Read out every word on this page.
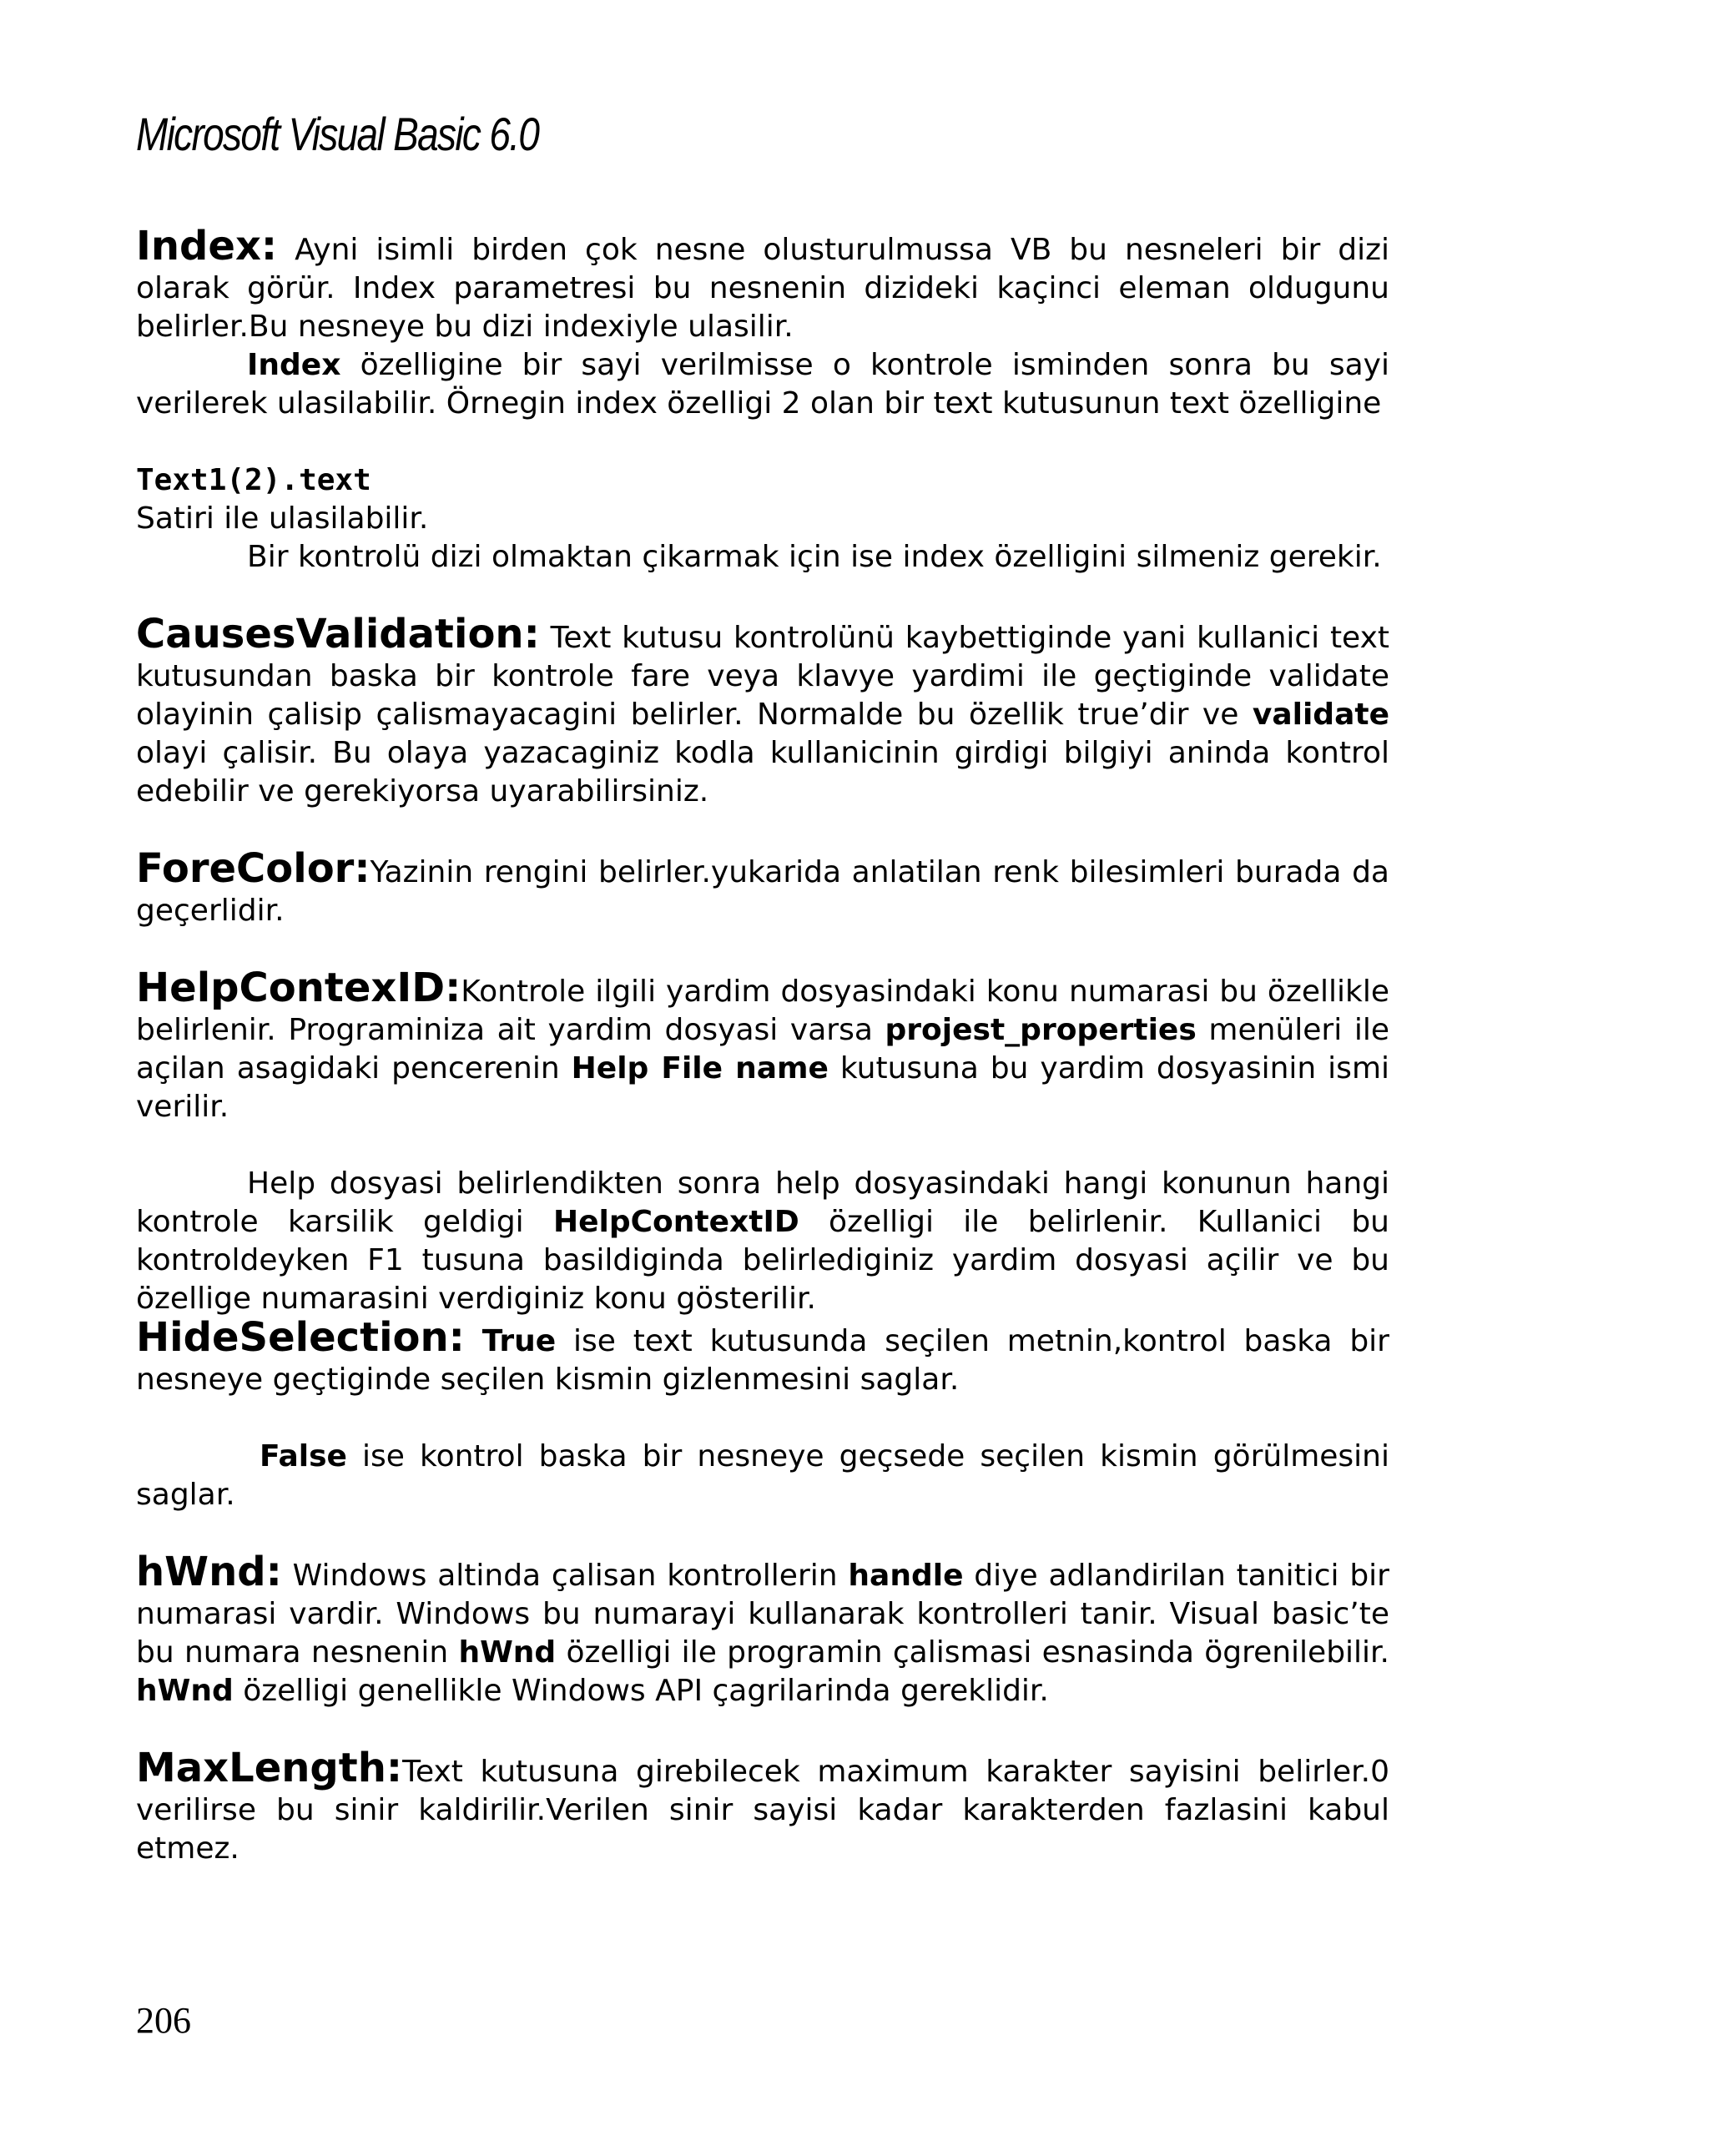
Microsoft Visual Basic 6.0

Index: Ayni isimli birden çok nesne olusturulmussa VB bu nesneleri bir dizi olarak görür. Index parametresi bu nesnenin dizideki kaçinci eleman oldugunu belirler.Bu nesneye bu dizi indexiyle ulasilir.

Index özelligine bir sayi verilmisse o kontrole isminden sonra bu sayi verilerek ulasilabilir. Örnegin index özelligi 2 olan bir text kutusunun text özelligine

Text1(2).text

Satiri ile ulasilabilir.

Bir kontrolü dizi olmaktan çikarmak için ise index özelligini silmeniz gerekir.

CausesValidation: Text kutusu kontrolünü kaybettiginde yani kullanici text kutusundan baska bir kontrole fare veya klavye yardimi ile geçtiginde validate olayinin çalisip çalismayacagini belirler. Normalde bu özellik true’dir ve validate olayi çalisir. Bu olaya yazacaginiz kodla kullanicinin girdigi bilgiyi aninda kontrol edebilir ve gerekiyorsa uyarabilirsiniz.

ForeColor:Yazinin rengini belirler.yukarida anlatilan renk bilesimleri burada da geçerlidir.

HelpContexID:Kontrole ilgili yardim dosyasindaki konu numarasi bu özellikle belirlenir. Programiniza ait yardim dosyasi varsa projest_properties menüleri ile açilan asagidaki pencerenin Help File name kutusuna bu yardim dosyasinin ismi verilir.

Help dosyasi belirlendikten sonra help dosyasindaki hangi konunun hangi kontrole karsilik geldigi HelpContextID özelligi ile belirlenir. Kullanici bu kontroldeyken F1 tusuna basildiginda belirlediginiz yardim dosyasi açilir ve bu özellige numarasini verdiginiz konu gösterilir.

HideSelection: True ise text kutusunda seçilen metnin,kontrol baska bir nesneye geçtiginde seçilen kismin gizlenmesini saglar.

False ise kontrol baska bir nesneye geçsede seçilen kismin görülmesini saglar.

hWnd: Windows altinda çalisan kontrollerin handle diye adlandirilan tanitici bir numarasi vardir. Windows bu numarayi kullanarak kontrolleri tanir. Visual basic’te bu numara nesnenin hWnd özelligi ile programin çalismasi esnasinda ögrenilebilir. hWnd özelligi genellikle Windows API çagrilarinda gereklidir.

MaxLength:Text kutusuna girebilecek maximum karakter sayisini belirler.0 verilirse bu sinir kaldirilir.Verilen sinir sayisi kadar karakterden fazlasini kabul etmez.

206
